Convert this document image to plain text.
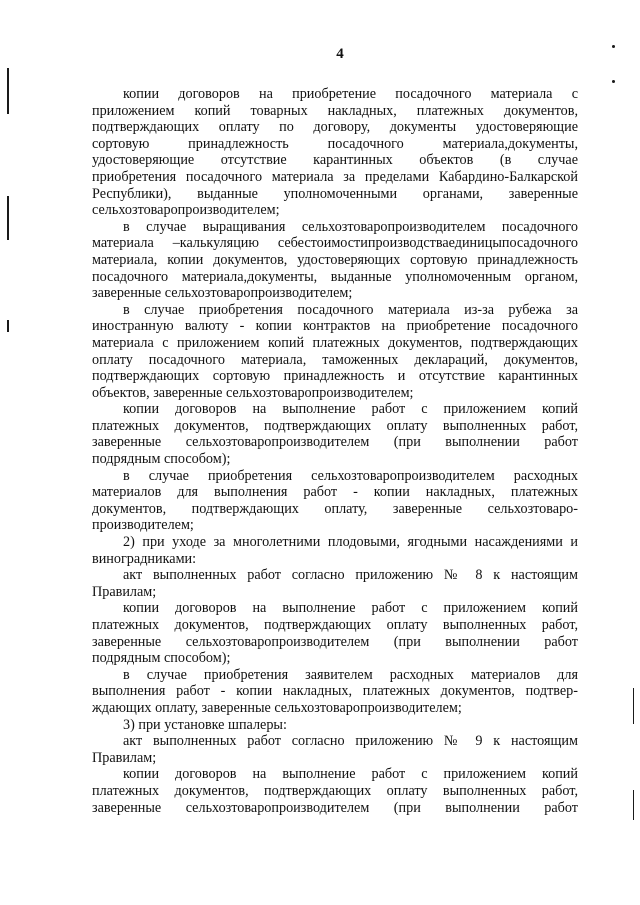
4
копии договоров на приобретение посадочного материала с
приложением копий товарных накладных, платежных документов,
подтверждающих оплату по договору, документы удостоверяющие
сортовую принадлежность посадочного материала,документы,
удостоверяющие отсутствие карантинных объектов (в случае
приобретения посадочного материала за пределами Кабардино-Балкарской
Республики), выданные уполномоченными органами, заверенные
сельхозтоваропроизводителем;
в случае выращивания сельхозтоваропроизводителем посадочного
материала –калькуляцию себестоимостипроизводстваединицыпосадочного
материала, копии документов, удостоверяющих сортовую принадлежность
посадочного материала,документы, выданные уполномоченным органом,
заверенные сельхозтоваропроизводителем;
в случае приобретения посадочного материала из-за рубежа за
иностранную валюту - копии контрактов на приобретение посадочного
материала с приложением копий платежных документов, подтверждающих
оплату посадочного материала, таможенных деклараций, документов,
подтверждающих сортовую принадлежность и отсутствие карантинных
объектов, заверенные сельхозтоваропроизводителем;
копии договоров на выполнение работ с приложением копий
платежных документов, подтверждающих оплату выполненных работ,
заверенные сельхозтоваропроизводителем (при выполнении работ
подрядным способом);
в случае приобретения сельхозтоваропроизводителем расходных
материалов для выполнения работ - копии накладных, платежных
документов, подтверждающих оплату, заверенные сельхозтоваро-
производителем;
2) при уходе за многолетними плодовыми, ягодными насаждениями и
виноградниками:
акт выполненных работ согласно приложению № 8 к настоящим
Правилам;
копии договоров на выполнение работ с приложением копий
платежных документов, подтверждающих оплату выполненных работ,
заверенные сельхозтоваропроизводителем (при выполнении работ
подрядным способом);
в случае приобретения заявителем расходных материалов для
выполнения работ - копии накладных, платежных документов, подтвер-
ждающих оплату, заверенные сельхозтоваропроизводителем;
3) при установке шпалеры:
акт выполненных работ согласно приложению № 9 к настоящим
Правилам;
копии договоров на выполнение работ с приложением копий
платежных документов, подтверждающих оплату выполненных работ,
заверенные сельхозтоваропроизводителем (при выполнении работ
